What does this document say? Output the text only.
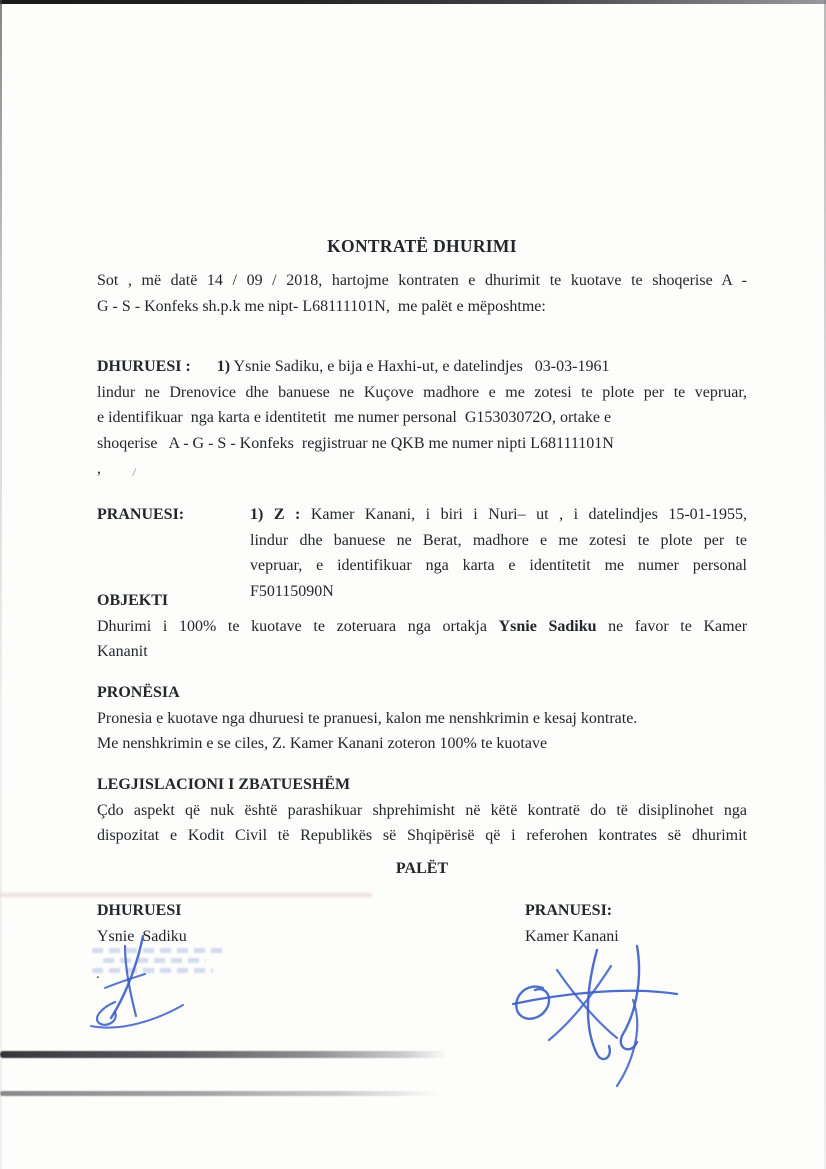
KONTRATË DHURIMI
Sot , më datë 14 / 09 / 2018, hartojme kontraten e dhurimit te kuotave te shoqerise A -
G - S - Konfeks sh.p.k me nipt- L68111101N,  me palët e mëposhtme:
DHURUESI : 1) Ysnie Sadiku, e bija e Haxhi-ut, e datelindjes   03-03-1961
lindur ne Drenovice dhe banuese ne Kuçove madhore e me zotesi te plote per te vepruar,
e identifikuar  nga karta e identitetit  me numer personal  G15303072O, ortake e
shoqerise   A - G - S - Konfeks  regjistruar ne QKB me numer nipti L68111101N
,
PRANUESI:	1) Z : Kamer Kanani, i biri i Nuri– ut , i datelindjes 15-01-1955,
lindur dhe banuese ne Berat, madhore e me zotesi te plote per te
vepruar, e identifikuar nga karta e identitetit me numer personal
F50115090N
OBJEKTI
Dhurimi i 100% te kuotave te zoteruara nga ortakja Ysnie Sadiku ne favor te Kamer
Kananit
PRONËSIA
Pronesia e kuotave nga dhuruesi te pranuesi, kalon me nenshkrimin e kesaj kontrate.
Me nenshkrimin e se ciles, Z. Kamer Kanani zoteron 100% te kuotave
LEGJISLACIONI I ZBATUESHËM
Çdo aspekt që nuk është parashikuar shprehimisht në këtë kontratë do të disiplinohet nga
dispozitat e Kodit Civil të Republikës së Shqipërisë që i referohen kontrates së dhurimit
PALËT
DHURUESI
Ysnie  Sadiku
PRANUESI:
Kamer Kanani
.
